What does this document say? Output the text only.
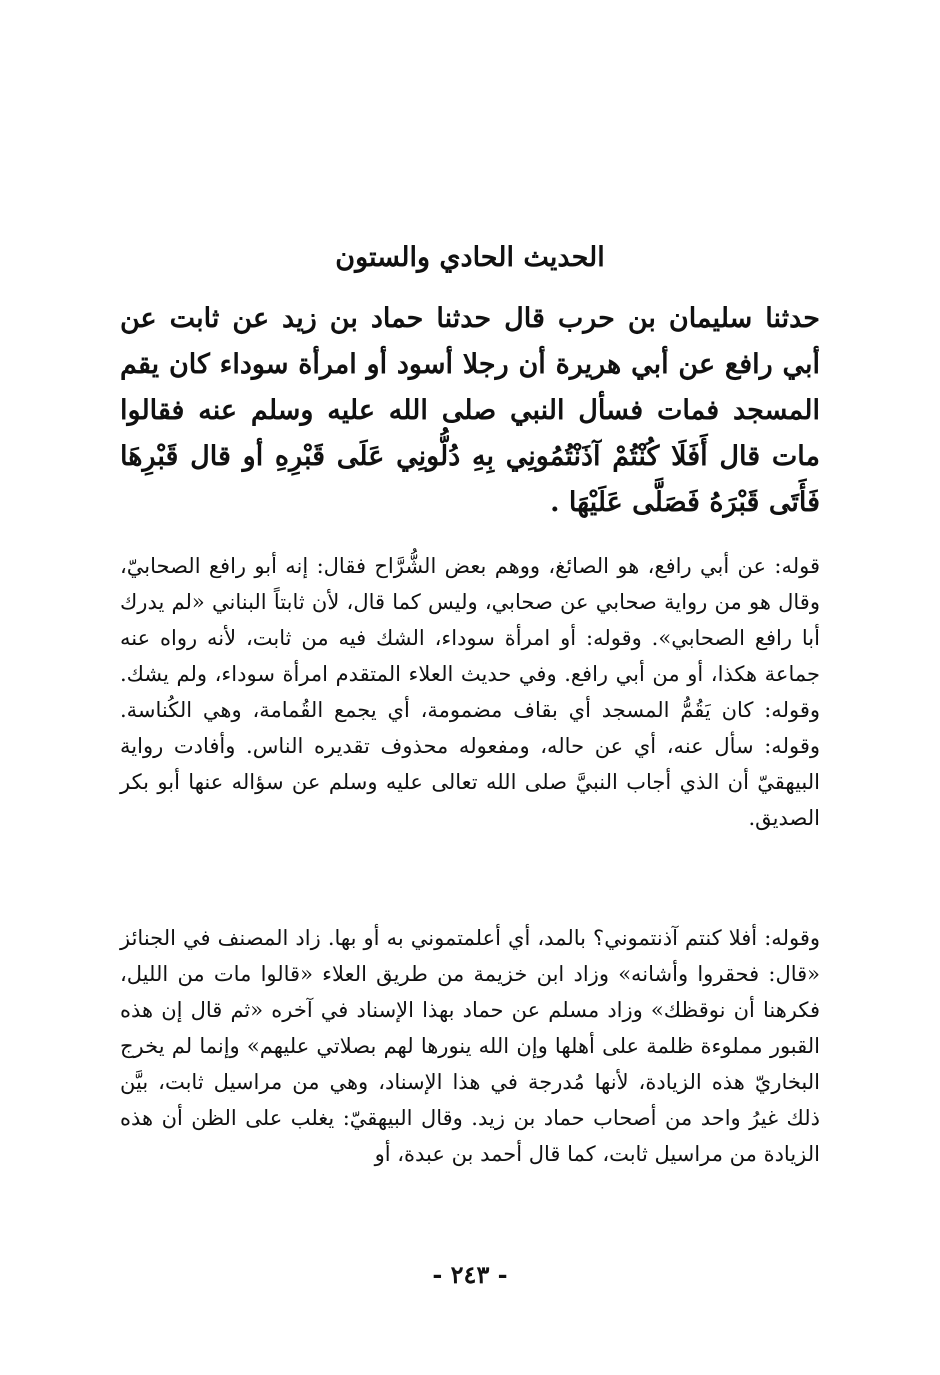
الحديث الحادي والستون

حدثنا سليمان بن حرب قال حدثنا حماد بن زيد عن ثابت عن أبي رافع عن أبي هريرة أن رجلا أسود أو امرأة سوداء كان يقم المسجد فمات فسأل النبي صلى الله عليه وسلم عنه فقالوا مات قال أَفَلَا كُنْتُمْ آذَنْتُمُونِي بِهِ دُلُّونِي عَلَى قَبْرِهِ أو قال قَبْرِهَا فَأَتَى قَبْرَهُ فَصَلَّى عَلَيْهَا .

قوله: عن أبي رافع، هو الصائغ، ووهم بعض الشُّرَّاح فقال: إنه أبو رافع الصحابيّ، وقال هو من رواية صحابي عن صحابي، وليس كما قال، لأن ثابتاً البناني «لم يدرك أبا رافع الصحابي». وقوله: أو امرأة سوداء، الشك فيه من ثابت، لأنه رواه عنه جماعة هكذا، أو من أبي رافع. وفي حديث العلاء المتقدم امرأة سوداء، ولم يشك. وقوله: كان يَقُمُّ المسجد أي بقاف مضمومة، أي يجمع القُمامة، وهي الكُناسة. وقوله: سأل عنه، أي عن حاله، ومفعوله محذوف تقديره الناس. وأفادت رواية البيهقيّ أن الذي أجاب النبيَّ صلى الله تعالى عليه وسلم عن سؤاله عنها أبو بكر الصديق.

وقوله: أفلا كنتم آذنتموني؟ بالمد، أي أعلمتموني به أو بها. زاد المصنف في الجنائز «قال: فحقروا وأشانه» وزاد ابن خزيمة من طريق العلاء «قالوا مات من الليل، فكرهنا أن نوقظك» وزاد مسلم عن حماد بهذا الإسناد في آخره «ثم قال إن هذه القبور مملوءة ظلمة على أهلها وإن الله ينورها لهم بصلاتي عليهم» وإنما لم يخرج البخاريّ هذه الزيادة، لأنها مُدرجة في هذا الإسناد، وهي من مراسيل ثابت، بيَّن ذلك غيرُ واحد من أصحاب حماد بن زيد. وقال البيهقيّ: يغلب على الظن أن هذه الزيادة من مراسيل ثابت، كما قال أحمد بن عبدة، أو

- ٢٤٣ -
